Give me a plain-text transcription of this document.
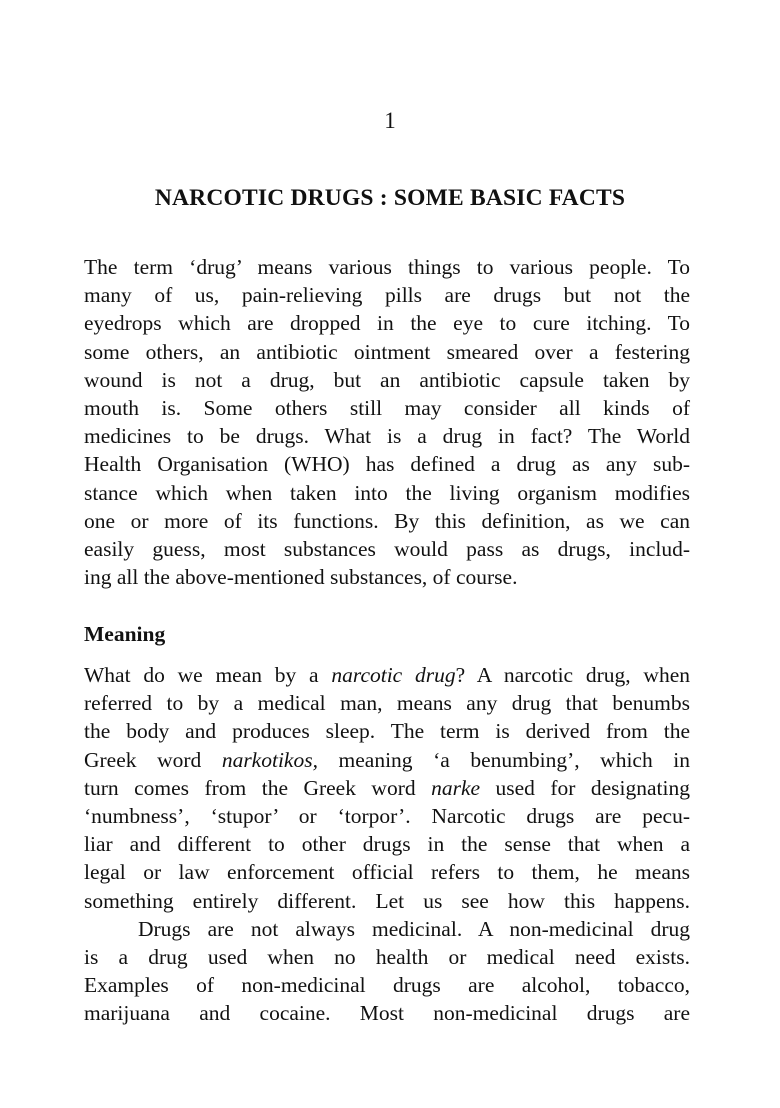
1
NARCOTIC DRUGS : SOME BASIC FACTS
The term ‘drug’ means various things to various people. To
many of us, pain-relieving pills are drugs but not the
eyedrops which are dropped in the eye to cure itching. To
some others, an antibiotic ointment smeared over a festering
wound is not a drug, but an antibiotic capsule taken by
mouth is. Some others still may consider all kinds of
medicines to be drugs. What is a drug in fact? The World
Health Organisation (WHO) has defined a drug as any sub-
stance which when taken into the living organism modifies
one or more of its functions. By this definition, as we can
easily guess, most substances would pass as drugs, includ-
ing all the above-mentioned substances, of course.
Meaning
What do we mean by a narcotic drug? A narcotic drug, when
referred to by a medical man, means any drug that benumbs
the body and produces sleep. The term is derived from the
Greek word narkotikos, meaning ‘a benumbing’, which in
turn comes from the Greek word narke used for designating
‘numbness’, ‘stupor’ or ‘torpor’. Narcotic drugs are pecu-
liar and different to other drugs in the sense that when a
legal or law enforcement official refers to them, he means
something entirely different. Let us see how this happens.
Drugs are not always medicinal. A non-medicinal drug
is a drug used when no health or medical need exists.
Examples of non-medicinal drugs are alcohol, tobacco,
marijuana and cocaine. Most non-medicinal drugs are
